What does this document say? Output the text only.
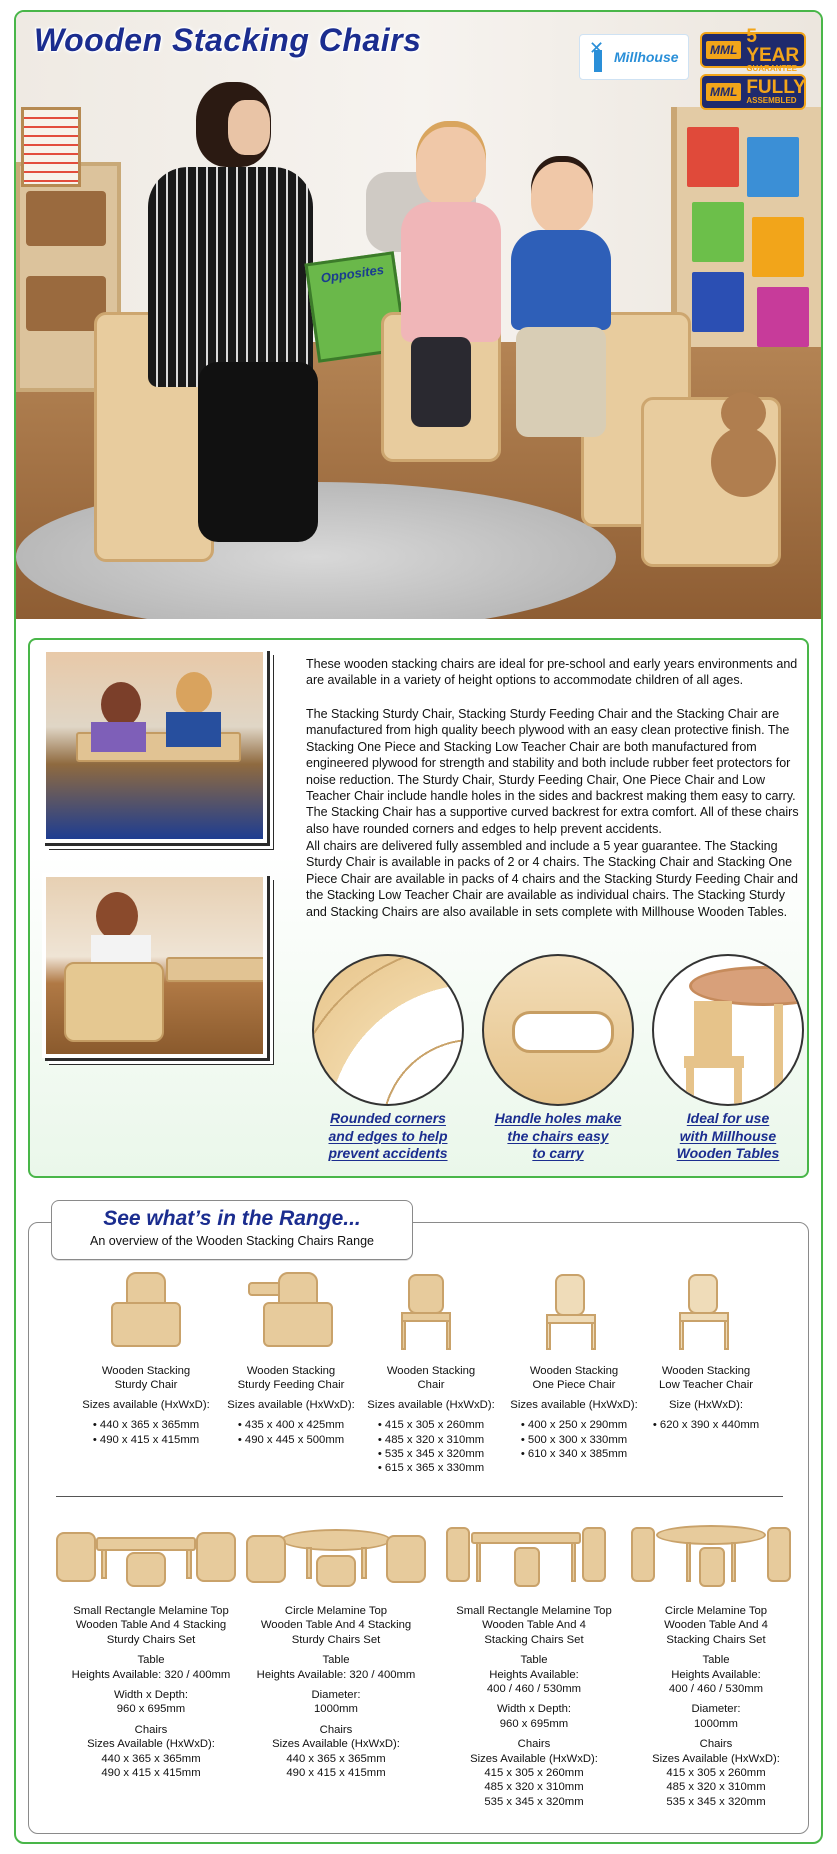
Opposites
Wooden Stacking Chairs
✕	Millhouse	MML
5 YEAR
GUARANTEE
MML FULLY
ASSEMBLED

These wooden stacking chairs are ideal for pre-school and early years environments and are available in a variety of height options to accommodate children of all ages.

The Stacking Sturdy Chair, Stacking Sturdy Feeding Chair and the Stacking Chair are manufactured from high quality beech plywood with an easy clean protective finish. The Stacking One Piece and Stacking Low Teacher Chair are both manufactured from engineered plywood for strength and stability and both include rubber feet protectors for noise reduction. The Sturdy Chair, Sturdy Feeding Chair, One Piece Chair and Low Teacher Chair include handle holes in the sides and backrest making them easy to carry. The Stacking Chair has a supportive curved backrest for extra comfort. All of these chairs also have rounded corners and edges to help prevent accidents.

All chairs are delivered fully assembled and include a 5 year guarantee. The Stacking Sturdy Chair is available in packs of 2 or 4 chairs. The Stacking Chair and Stacking One Piece Chair are available in packs of 4 chairs and the Stacking Sturdy Feeding Chair and the Stacking Low Teacher Chair are available as individual chairs. The Stacking Sturdy and Stacking Chairs are also available in sets complete with Millhouse Wooden Tables.

Rounded corners
and edges to help
prevent accidents
Handle holes make
the chairs easy
to carry
Ideal for use
with Millhouse
Wooden Tables
See what’s in the Range...
An overview of the Wooden Stacking Chairs Range
Wooden Stacking
Sturdy Chair
Sizes available (HxWxD):
• 440 x 365 x 365mm
• 490 x 415 x 415mm
Wooden Stacking
Sturdy Feeding Chair
Sizes available (HxWxD):
• 435 x 400 x 425mm
• 490 x 445 x 500mm
Wooden Stacking
Chair
Sizes available (HxWxD):
• 415 x 305 x 260mm
• 485 x 320 x 310mm
• 535 x 345 x 320mm
• 615 x 365 x 330mm
Wooden Stacking
One Piece Chair
Sizes available (HxWxD):
• 400 x 250 x 290mm
• 500 x 300 x 330mm
• 610 x 340 x 385mm
Wooden Stacking
Low Teacher Chair
Size (HxWxD):
• 620 x 390 x 440mm
Small Rectangle Melamine Top
Wooden Table And 4 Stacking
Sturdy Chairs Set
Table
Heights Available: 320 / 400mm
Width x Depth:
960 x 695mm
Chairs
Sizes Available (HxWxD):
440 x 365 x 365mm
490 x 415 x 415mm
Circle Melamine Top
Wooden Table And 4 Stacking
Sturdy Chairs Set
Table
Heights Available: 320 / 400mm
Diameter:
1000mm
Chairs
Sizes Available (HxWxD):
440 x 365 x 365mm
490 x 415 x 415mm
Small Rectangle Melamine Top
Wooden Table And 4
Stacking Chairs Set
Table
Heights Available:
400 / 460 / 530mm
Width x Depth:
960 x 695mm
Chairs
Sizes Available (HxWxD):
415 x 305 x 260mm
485 x 320 x 310mm
535 x 345 x 320mm
Circle Melamine Top
Wooden Table And 4
Stacking Chairs Set
Table
Heights Available:
400 / 460 / 530mm
Diameter:
1000mm
Chairs
Sizes Available (HxWxD):
415 x 305 x 260mm
485 x 320 x 310mm
535 x 345 x 320mm
